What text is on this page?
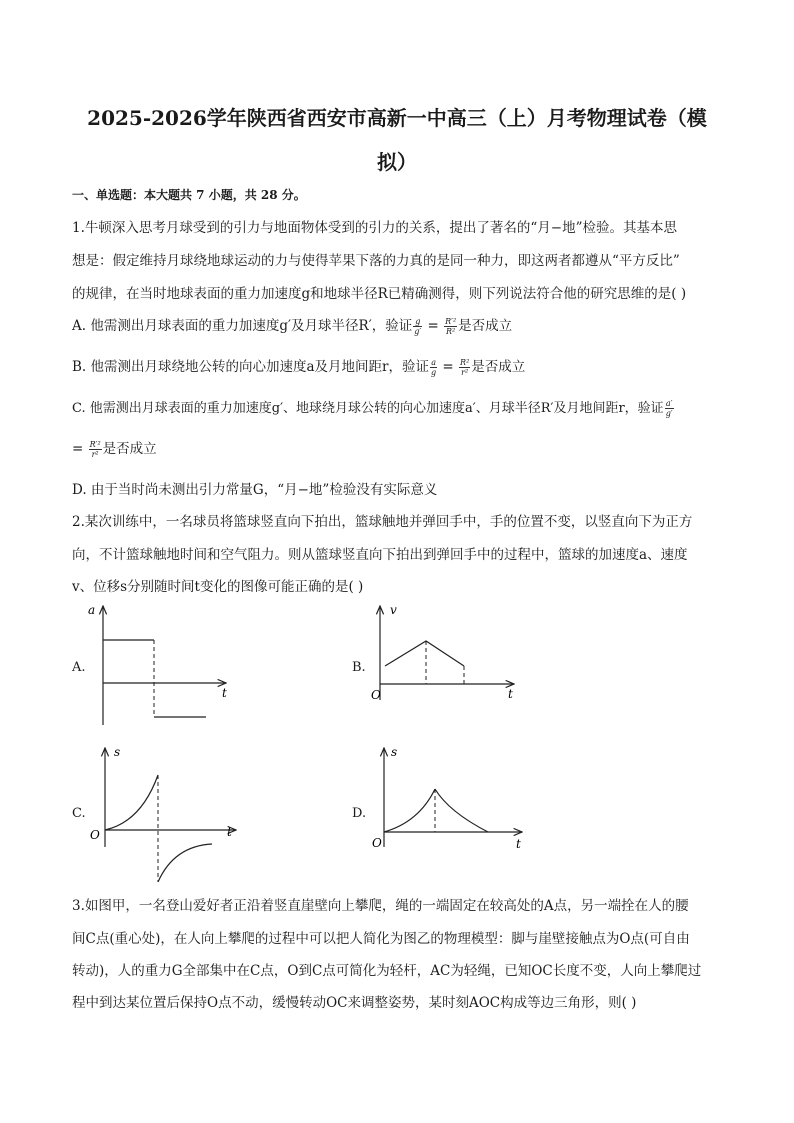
2025-2026学年陕西省西安市高新一中高三（上）月考物理试卷（模
拟）
一、单选题：本大题共 7 小题，共 28 分。
1.牛顿深入思考月球受到的引力与地面物体受到的引力的关系，提出了著名的“月−地”检验。其基本思
想是：假定维持月球绕地球运动的力与使得苹果下落的力真的是同一种力，即这两者都遵从“平方反比”
的规律，在当时地球表面的重力加速度g和地球半径R已精确测得，则下列说法符合他的研究思维的是( )
A. 他需测出月球表面的重力加速度g′及月球半径R′，验证 $\frac{g}{g'} = \frac{\text{R′²}}{\text{R²}}$ 是否成立
B. 他需测出月球绕地公转的向心加速度a及月地间距r，验证 $\frac{a}{g} = \frac{\text{R²}}{\text{r²}}$ 是否成立
C. 他需测出月球表面的重力加速度g′、地球绕月球公转的向心加速度a′、月球半径R′及月地间距r，验证 $\frac{a'}{g'}$
= $\frac{\text{R′²}}{\text{r²}}$ 是否成立
D. 由于当时尚未测出引力常量G，“月−地”检验没有实际意义
2.某次训练中，一名球员将篮球竖直向下拍出，篮球触地并弹回手中，手的位置不变，以竖直向下为正方
向，不计篮球触地时间和空气阻力。则从篮球竖直向下拍出到弹回手中的过程中，篮球的加速度a、速度
v、位移s分别随时间t变化的图像可能正确的是( )
A.
a
t
B.
v
t
O
C.
s
t
O
D.
s
t
O
3.如图甲，一名登山爱好者正沿着竖直崖壁向上攀爬，绳的一端固定在较高处的A点，另一端拴在人的腰
间C点(重心处)，在人向上攀爬的过程中可以把人简化为图乙的物理模型：脚与崖壁接触点为O点(可自由
转动)，人的重力G全部集中在C点，O到C点可简化为轻杆，AC为轻绳，已知OC长度不变，人向上攀爬过
程中到达某位置后保持O点不动，缓慢转动OC来调整姿势，某时刻AOC构成等边三角形，则( )
